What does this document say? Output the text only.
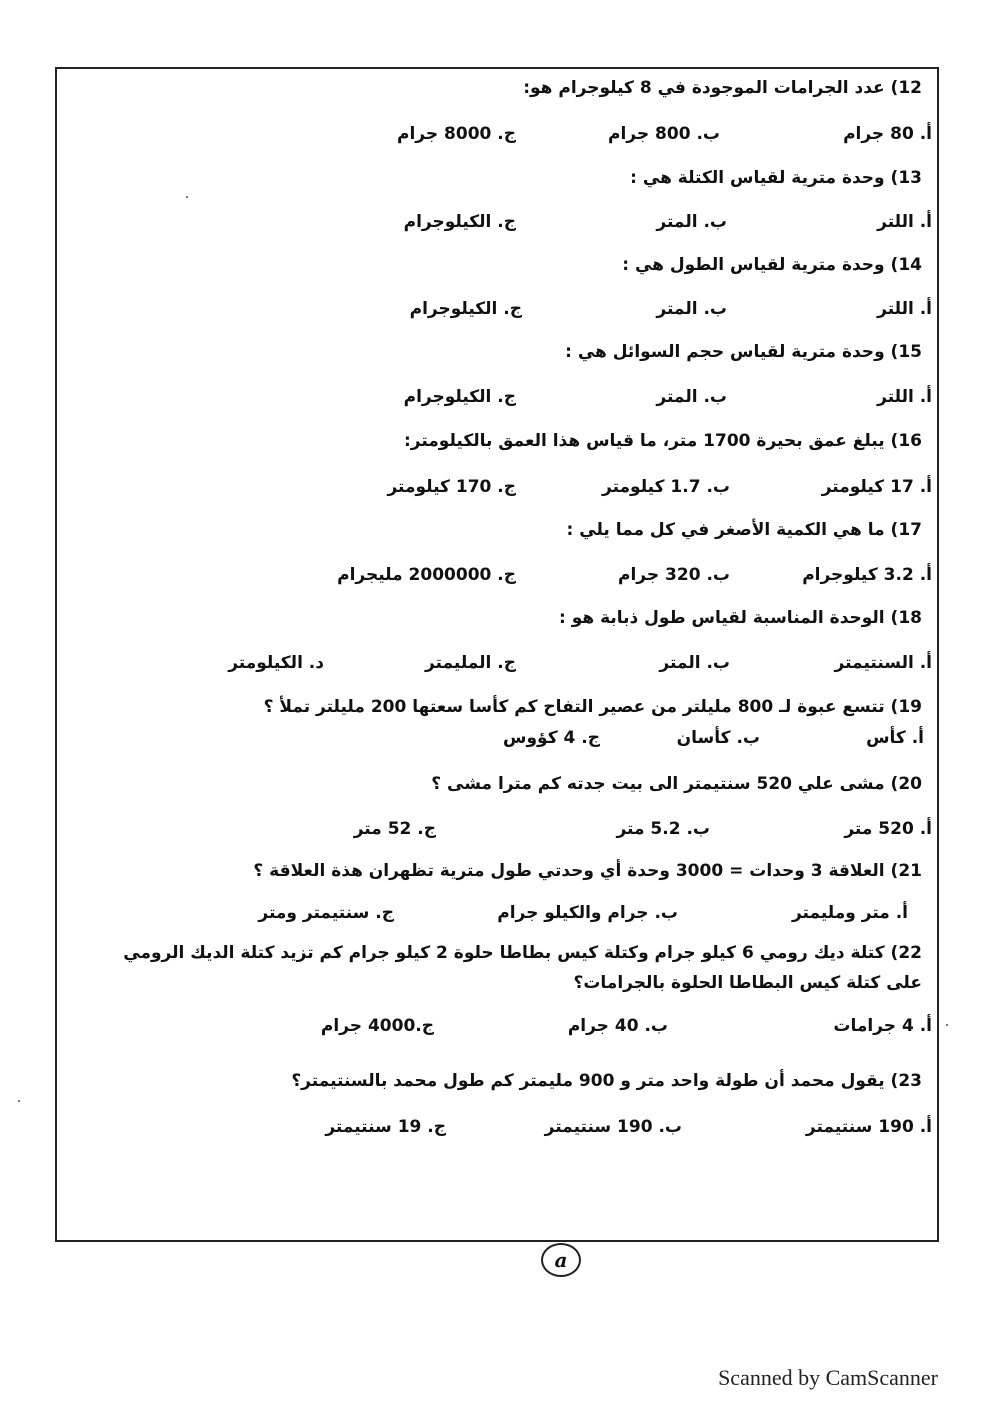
12) عدد الجرامات الموجودة في 8 كيلوجرام هو:
أ. 80 جرام
ب. 800 جرام
ج. 8000 جرام
13) وحدة مترية لقياس الكتلة هي :
أ. اللتر
ب. المتر
ج. الكيلوجرام
14) وحدة مترية لقياس الطول هي :
أ. اللتر
ب. المتر
ج. الكيلوجرام
15) وحدة مترية لقياس حجم السوائل هي :
أ. اللتر
ب. المتر
ج. الكيلوجرام
16) يبلغ عمق بحيرة 1700 متر، ما قياس هذا العمق بالكيلومتر:
أ. 17 كيلومتر
ب. 1.7 كيلومتر
ج. 170 كيلومتر
17) ما هي الكمية الأصغر في كل مما يلي :
أ. 3.2 كيلوجرام
ب. 320 جرام
ج. 2000000 مليجرام
18) الوحدة المناسبة لقياس طول ذبابة هو :
أ. السنتيمتر
ب. المتر
ج. المليمتر
د. الكيلومتر
19) تتسع عبوة لـ 800 مليلتر من عصير التفاح كم كأسا سعتها 200 مليلتر تملأ ؟
أ. كأس
ب. كأسان
ج. 4 كؤوس
20) مشى علي 520 سنتيمتر الى بيت جدته كم مترا مشى ؟
أ. 520 متر
ب. 5.2 متر
ج. 52 متر
21) العلاقة 3 وحدات = 3000 وحدة أي وحدتي طول مترية تظهران هذة العلاقة ؟
أ. متر ومليمتر
ب. جرام والكيلو جرام
ج. سنتيمتر ومتر
22) كتلة ديك رومي 6 كيلو جرام وكتلة كيس بطاطا حلوة 2 كيلو جرام كم تزيد كتلة الديك الرومي على كتلة كيس البطاطا الحلوة بالجرامات؟
أ. 4 جرامات
ب. 40 جرام
ج.4000 جرام
23) يقول محمد أن طولة واحد متر و 900 مليمتر كم طول محمد بالسنتيمتر؟
أ. 190 سنتيمتر
ب. 190 سنتيمتر
ج. 19 سنتيمتر
a
Scanned by CamScanner
